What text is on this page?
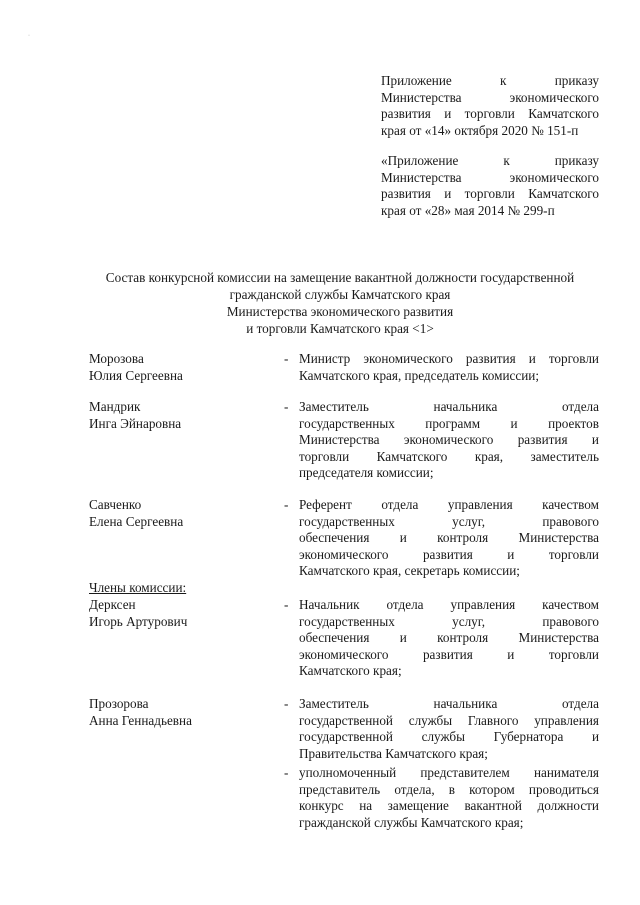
·
Приложение	к	приказу
Министерства	экономического
развития и торговли Камчатского
края от «14» октября 2020 № 151-п
«Приложение	к	приказу
Министерства	экономического
развития и торговли Камчатского
края от «28» мая 2014 № 299-п
Состав конкурсной комиссии на замещение вакантной должности государственной
гражданской службы Камчатского края
Министерства экономического развития
и торговли Камчатского края <1>
Морозова
Юлия Сергеевна
- Министр экономического развития и торговли
Камчатского края, председатель комиссии;
Мандрик
Инга Эйнаровна
- Заместитель	начальника	отдела
государственных программ и проектов
Министерства экономического развития и
торговли Камчатского края, заместитель
председателя комиссии;
Савченко
Елена Сергеевна
- Референт отдела управления качеством
государственных	услуг,	правового
обеспечения и контроля Министерства
экономического	развития	и	торговли
Камчатского края, секретарь комиссии;
Члены комиссии:
Дерксен
Игорь Артурович
- Начальник отдела управления качеством
государственных	услуг,	правового
обеспечения и контроля Министерства
экономического	развития	и	торговли
Камчатского края;
Прозорова
Анна Геннадьевна
- Заместитель	начальника	отдела
государственной службы Главного управления
государственной службы Губернатора и
Правительства Камчатского края;
- уполномоченный представителем нанимателя
представитель отдела, в котором проводиться
конкурс на замещение вакантной должности
гражданской службы Камчатского края;
